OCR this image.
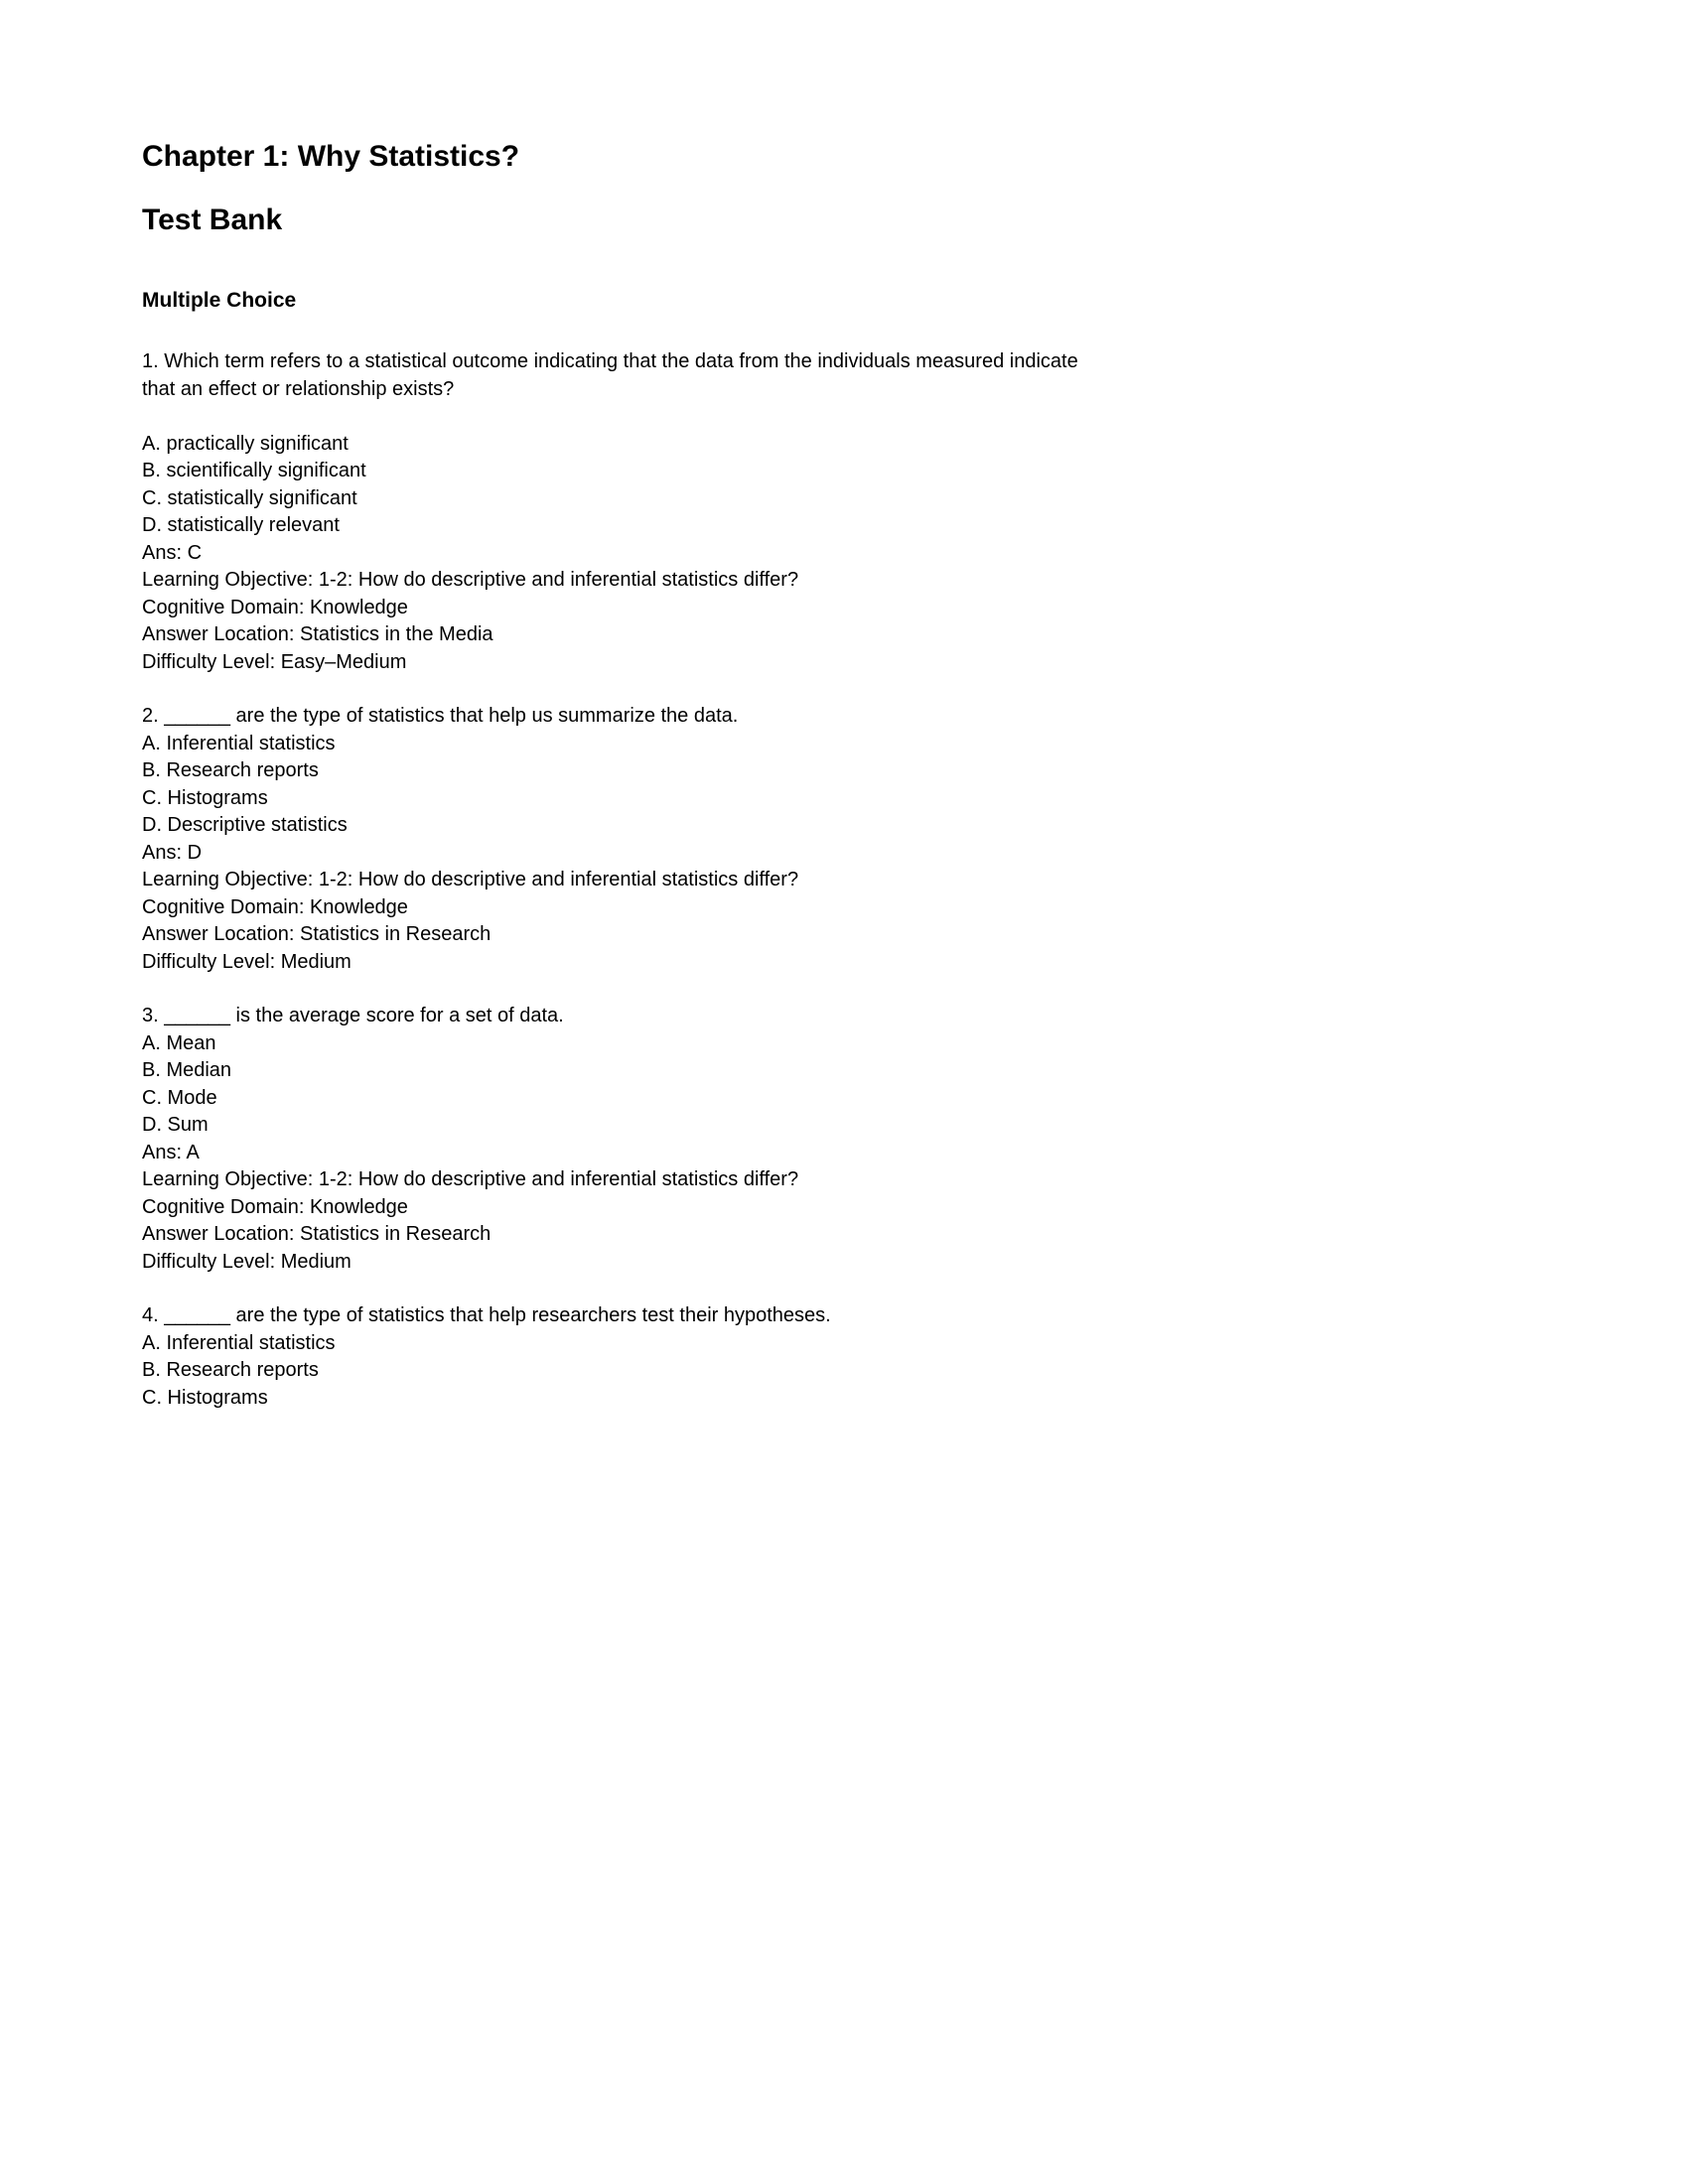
Chapter 1: Why Statistics?
Test Bank
Multiple Choice
1. Which term refers to a statistical outcome indicating that the data from the individuals measured indicate that an effect or relationship exists?
A. practically significant
B. scientifically significant
C. statistically significant
D. statistically relevant
Ans: C
Learning Objective: 1-2: How do descriptive and inferential statistics differ?
Cognitive Domain: Knowledge
Answer Location: Statistics in the Media
Difficulty Level: Easy–Medium
2. ______ are the type of statistics that help us summarize the data.
A. Inferential statistics
B. Research reports
C. Histograms
D. Descriptive statistics
Ans: D
Learning Objective: 1-2: How do descriptive and inferential statistics differ?
Cognitive Domain: Knowledge
Answer Location: Statistics in Research
Difficulty Level: Medium
3. ______ is the average score for a set of data.
A. Mean
B. Median
C. Mode
D. Sum
Ans: A
Learning Objective: 1-2: How do descriptive and inferential statistics differ?
Cognitive Domain: Knowledge
Answer Location: Statistics in Research
Difficulty Level: Medium
4. ______ are the type of statistics that help researchers test their hypotheses.
A. Inferential statistics
B. Research reports
C. Histograms
